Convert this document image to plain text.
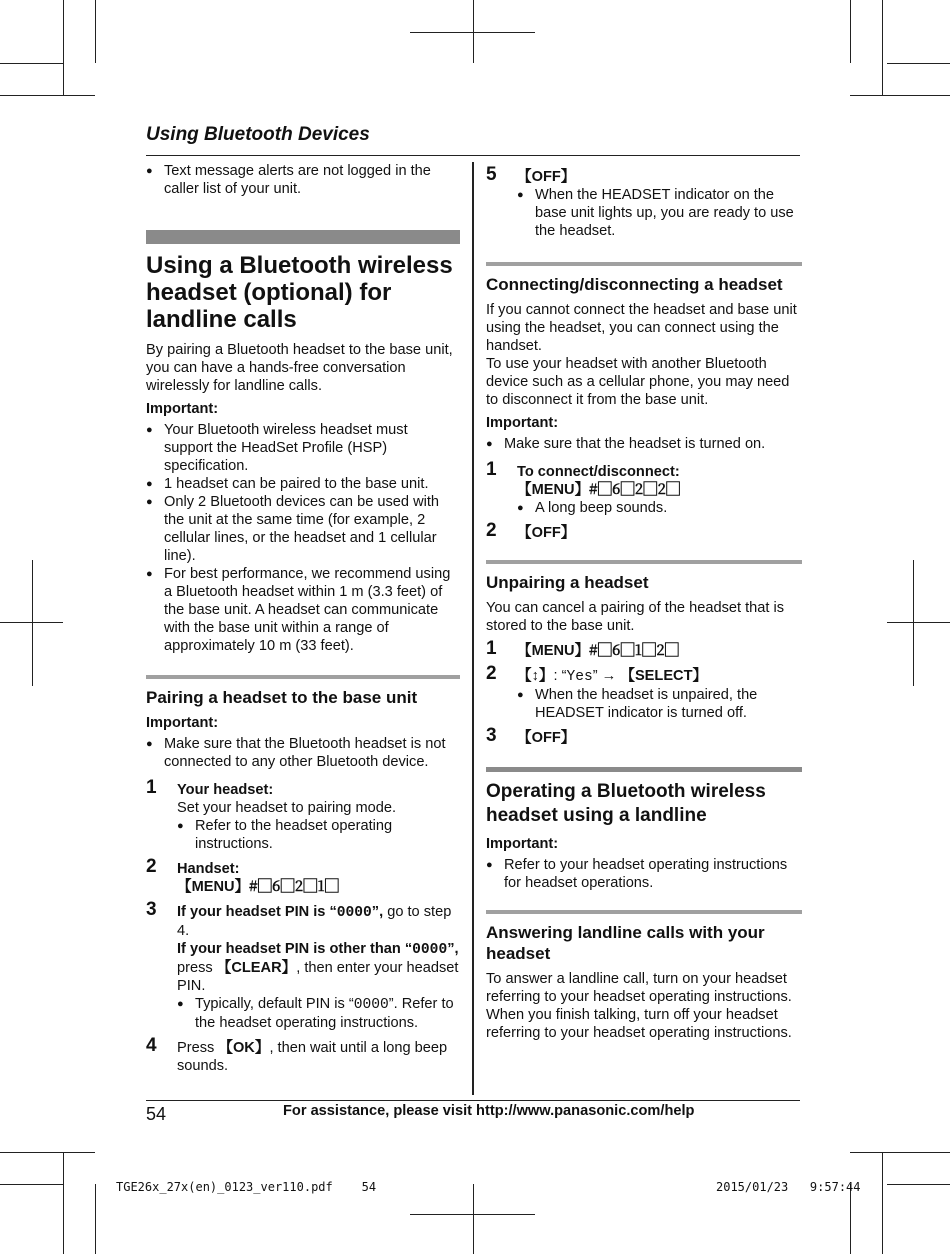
Using Bluetooth Devices
● Text message alerts are not logged in the caller list of your unit.
Using a Bluetooth wireless headset (optional) for landline calls

By pairing a Bluetooth headset to the base unit, you can have a hands-free conversation wirelessly for landline calls.

Important:
● Your Bluetooth wireless headset must support the HeadSet Profile (HSP) specification.
● 1 headset can be paired to the base unit.
● Only 2 Bluetooth devices can be used with the unit at the same time (for example, 2 cellular lines, or the headset and 1 cellular line).
● For best performance, we recommend using a Bluetooth headset within 1 m (3.3 feet) of the base unit. A headset can communicate with the base unit within a range of approximately 10 m (33 feet).
Pairing a headset to the base unit
Important:
● Make sure that the Bluetooth headset is not connected to any other Bluetooth device.
1 Your headset:
Set your headset to pairing mode.
● Refer to the headset operating instructions.
2 Handset:
【MENU】#⃞6⃞2⃞1⃞
3 If your headset PIN is “0000”, go to step 4.
If your headset PIN is other than “0000”, press 【CLEAR】, then enter your headset PIN.
● Typically, default PIN is “0000”. Refer to the headset operating instructions.
4 Press 【OK】, then wait until a long beep sounds.
5 【OFF】
● When the HEADSET indicator on the base unit lights up, you are ready to use the headset.
Connecting/disconnecting a headset

If you cannot connect the headset and base unit using the headset, you can connect using the handset.

To use your headset with another Bluetooth device such as a cellular phone, you may need to disconnect it from the base unit.

Important:
● Make sure that the headset is turned on.
1 To connect/disconnect:
【MENU】#⃞6⃞2⃞2⃞
● A long beep sounds.
2 【OFF】
Unpairing a headset

You can cancel a pairing of the headset that is stored to the base unit.

1 【MENU】#⃞6⃞1⃞2⃞
2 【↕】: “Yes” → 【SELECT】
● When the headset is unpaired, the HEADSET indicator is turned off.
3 【OFF】
Operating a Bluetooth wireless headset using a landline
Important:
● Refer to your headset operating instructions for headset operations.
Answering landline calls with your headset

To answer a landline call, turn on your headset referring to your headset operating instructions.

When you finish talking, turn off your headset referring to your headset operating instructions.

54	For assistance, please visit http://www.panasonic.com/help
TGE26x_27x(en)_0123_ver110.pdf    54	2015/01/23   9:57:44
